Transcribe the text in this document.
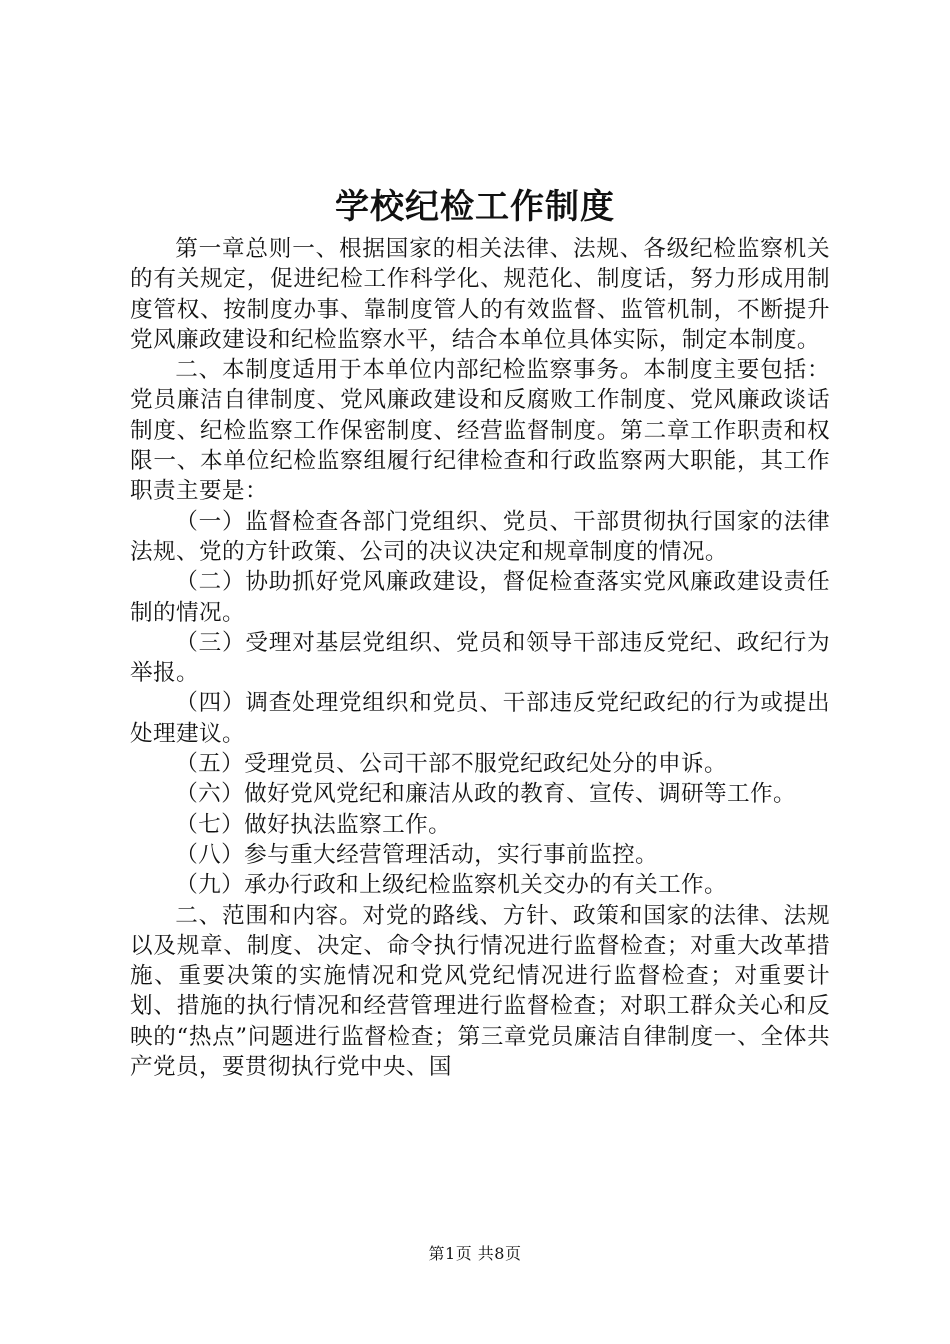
学校纪检工作制度

第一章总则一、根据国家的相关法律、法规、各级纪检监察机关的有关规定，促进纪检工作科学化、规范化、制度话，努力形成用制度管权、按制度办事、靠制度管人的有效监督、监管机制，不断提升党风廉政建设和纪检监察水平，结合本单位具体实际，制定本制度。

二、本制度适用于本单位内部纪检监察事务。本制度主要包括：党员廉洁自律制度、党风廉政建设和反腐败工作制度、党风廉政谈话制度、纪检监察工作保密制度、经营监督制度。第二章工作职责和权限一、本单位纪检监察组履行纪律检查和行政监察两大职能，其工作职责主要是：

（一）监督检查各部门党组织、党员、干部贯彻执行国家的法律法规、党的方针政策、公司的决议决定和规章制度的情况。

（二）协助抓好党风廉政建设，督促检查落实党风廉政建设责任制的情况。

（三）受理对基层党组织、党员和领导干部违反党纪、政纪行为举报。

（四）调查处理党组织和党员、干部违反党纪政纪的行为或提出处理建议。

（五）受理党员、公司干部不服党纪政纪处分的申诉。

（六）做好党风党纪和廉洁从政的教育、宣传、调研等工作。

（七）做好执法监察工作。

（八）参与重大经营管理活动，实行事前监控。

（九）承办行政和上级纪检监察机关交办的有关工作。

二、范围和内容。对党的路线、方针、政策和国家的法律、法规以及规章、制度、决定、命令执行情况进行监督检查；对重大改革措施、重要决策的实施情况和党风党纪情况进行监督检查；对重要计划、措施的执行情况和经营管理进行监督检查；对职工群众关心和反映的“热点”问题进行监督检查；第三章党员廉洁自律制度一、全体共产党员，要贯彻执行党中央、国

第1页 共8页
